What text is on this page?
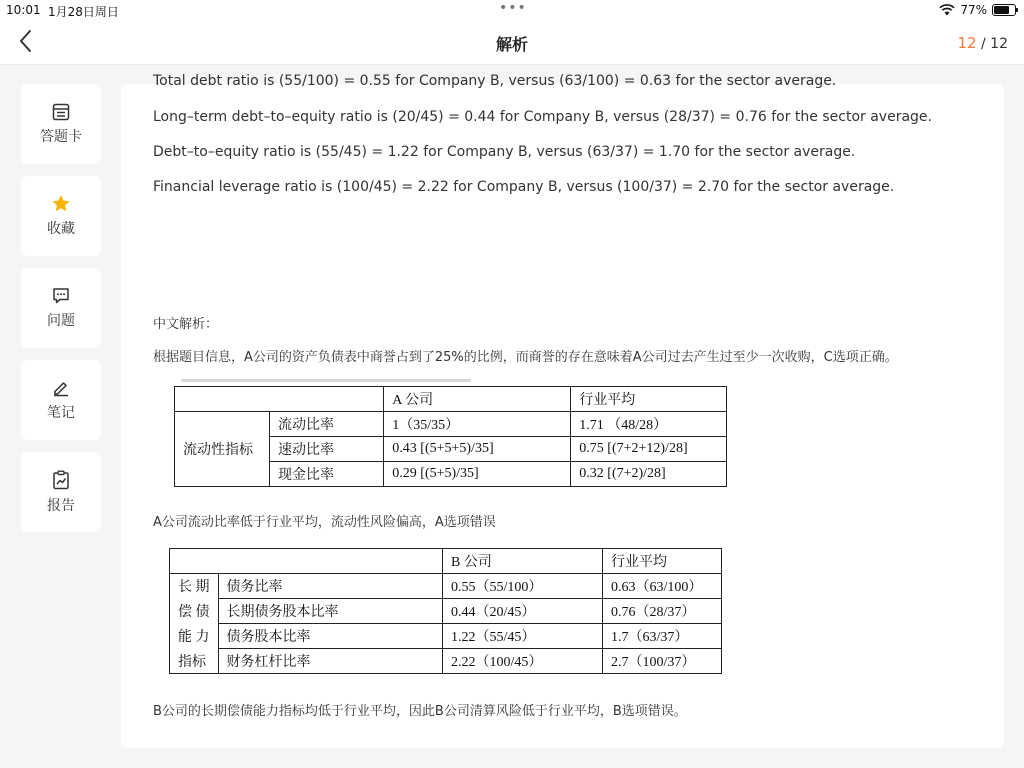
10:01 1月28日周日	•••	77%
解析	12 / 12
答题卡
收藏
问题
笔记
报告
Total debt ratio is (55/100) = 0.55 for Company B, versus (63/100) = 0.63 for the sector average.
Long–term debt–to–equity ratio is (20/45) = 0.44 for Company B, versus (28/37) = 0.76 for the sector average.
Debt–to–equity ratio is (55/45) = 1.22 for Company B, versus (63/37) = 1.70 for the sector average.
Financial leverage ratio is (100/45) = 2.22 for Company B, versus (100/37) = 2.70 for the sector average.
中文解析：
根据题目信息，A公司的资产负债表中商誉占到了25%的比例，而商誉的存在意味着A公司过去产生过至少一次收购，C选项正确。
		A 公司	行业平均
流动性指标	流动比率	1（35/35）	1.71 （48/28）
	速动比率	0.43 [(5+5+5)/35]	0.75 [(7+2+12)/28]
	现金比率	0.29 [(5+5)/35]	0.32 [(7+2)/28]
A公司流动比率低于行业平均，流动性风险偏高，A选项错误
		B 公司	行业平均
长 期	债务比率	0.55（55/100）	0.63（63/100）
偿 债	长期债务股本比率	0.44（20/45）	0.76（28/37）
能 力	债务股本比率	1.22（55/45）	1.7（63/37）
指标	财务杠杆比率	2.22（100/45）	2.7（100/37）
B公司的长期偿债能力指标均低于行业平均，因此B公司清算风险低于行业平均，B选项错误。
